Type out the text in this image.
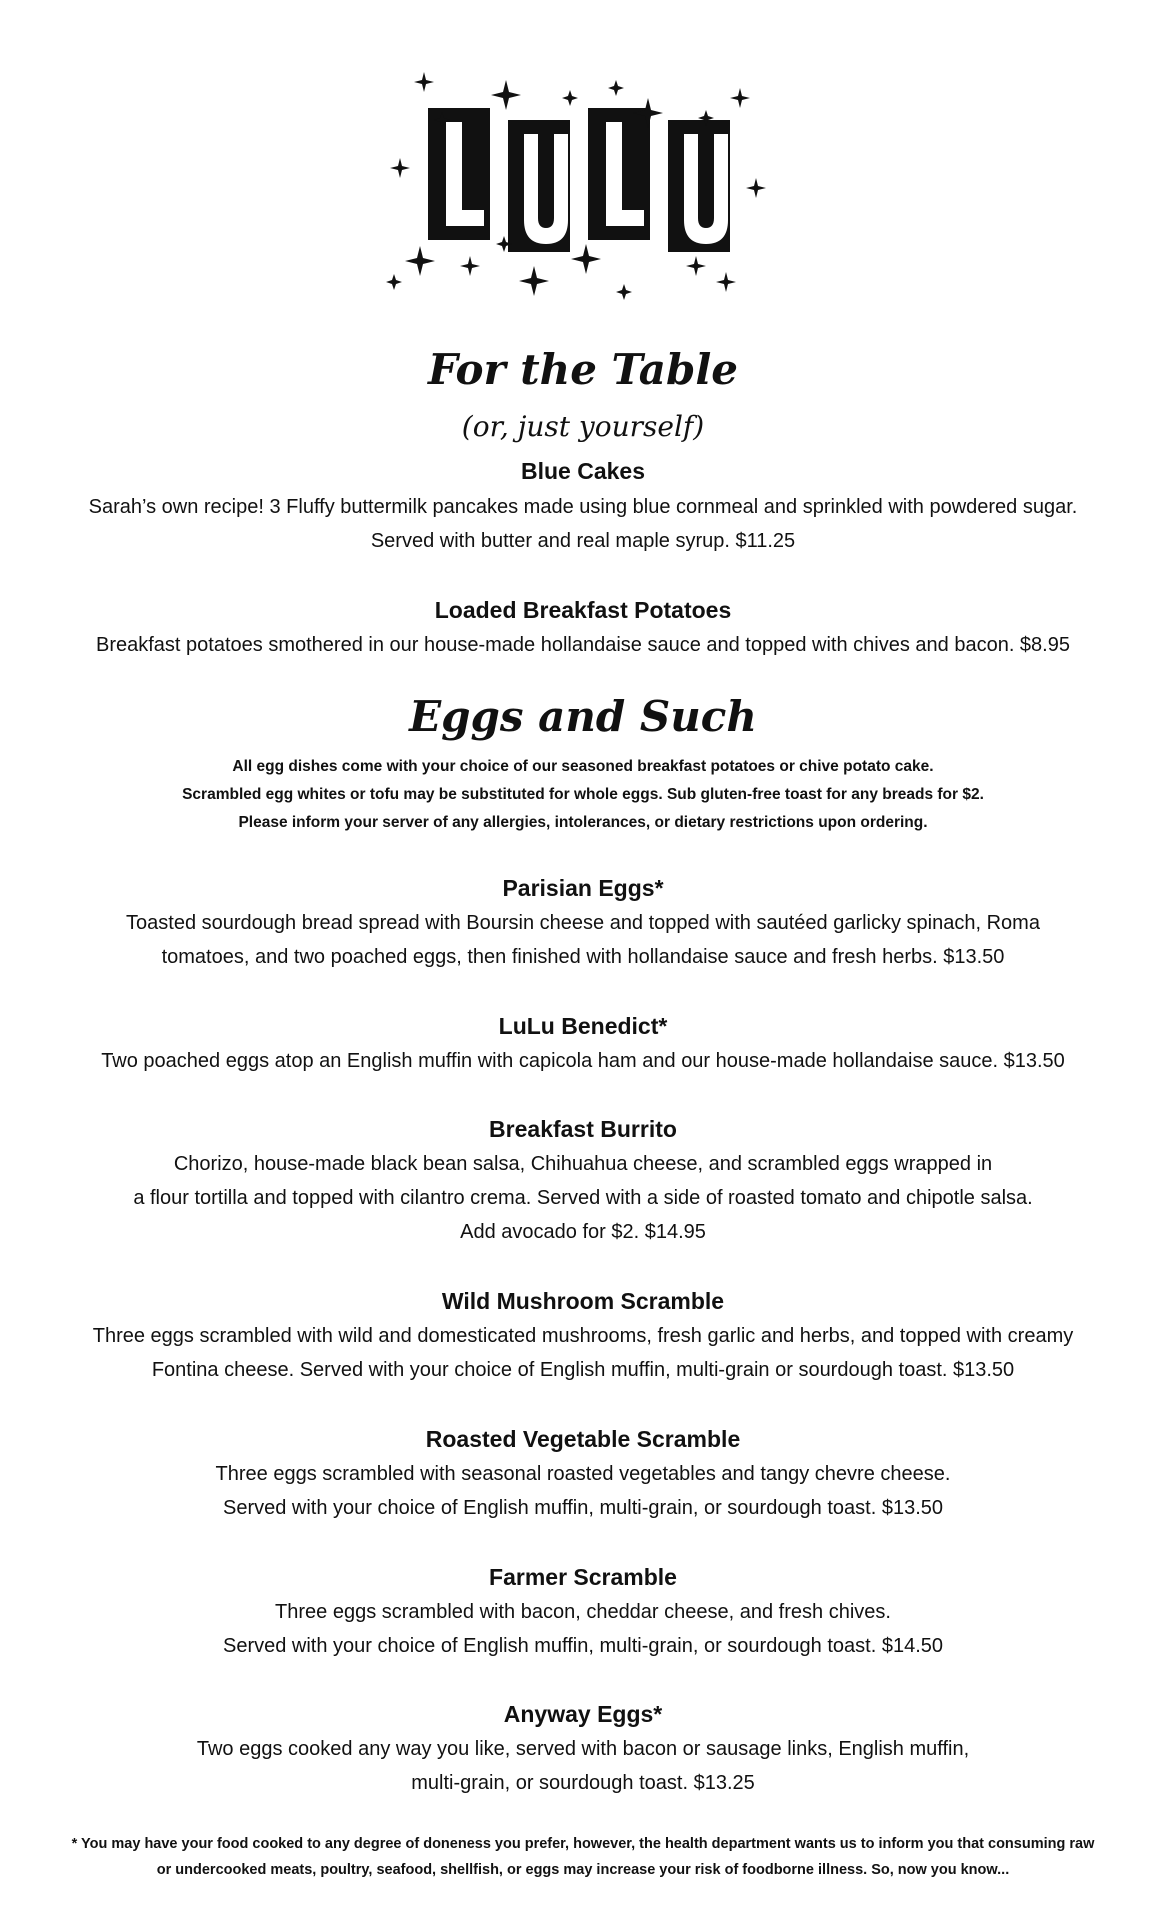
For the Table
(or, just yourself)
Blue Cakes
Sarah’s own recipe! 3 Fluffy buttermilk pancakes made using blue cornmeal and sprinkled with powdered sugar.
Served with butter and real maple syrup. $11.25
Loaded Breakfast Potatoes
Breakfast potatoes smothered in our house-made hollandaise sauce and topped with chives and bacon. $8.95
Eggs and Such
All egg dishes come with your choice of our seasoned breakfast potatoes or chive potato cake.
Scrambled egg whites or tofu may be substituted for whole eggs. Sub gluten-free toast for any breads for $2.
Please inform your server of any allergies, intolerances, or dietary restrictions upon ordering.
Parisian Eggs*
Toasted sourdough bread spread with Boursin cheese and topped with sautéed garlicky spinach, Roma
tomatoes, and two poached eggs, then finished with hollandaise sauce and fresh herbs. $13.50
LuLu Benedict*
Two poached eggs atop an English muffin with capicola ham and our house-made hollandaise sauce. $13.50
Breakfast Burrito
Chorizo, house-made black bean salsa, Chihuahua cheese, and scrambled eggs wrapped in
a flour tortilla and topped with cilantro crema. Served with a side of roasted tomato and chipotle salsa.
Add avocado for $2. $14.95
Wild Mushroom Scramble
Three eggs scrambled with wild and domesticated mushrooms, fresh garlic and herbs, and topped with creamy
Fontina cheese. Served with your choice of English muffin, multi-grain or sourdough toast. $13.50
Roasted Vegetable Scramble
Three eggs scrambled with seasonal roasted vegetables and tangy chevre cheese.
Served with your choice of English muffin, multi-grain, or sourdough toast. $13.50
Farmer Scramble
Three eggs scrambled with bacon, cheddar cheese, and fresh chives.
Served with your choice of English muffin, multi-grain, or sourdough toast. $14.50
Anyway Eggs*
Two eggs cooked any way you like, served with bacon or sausage links, English muffin,
multi-grain, or sourdough toast. $13.25
* You may have your food cooked to any degree of doneness you prefer, however, the health department wants us to inform you that consuming raw
or undercooked meats, poultry, seafood, shellfish, or eggs may increase your risk of foodborne illness. So, now you know...
